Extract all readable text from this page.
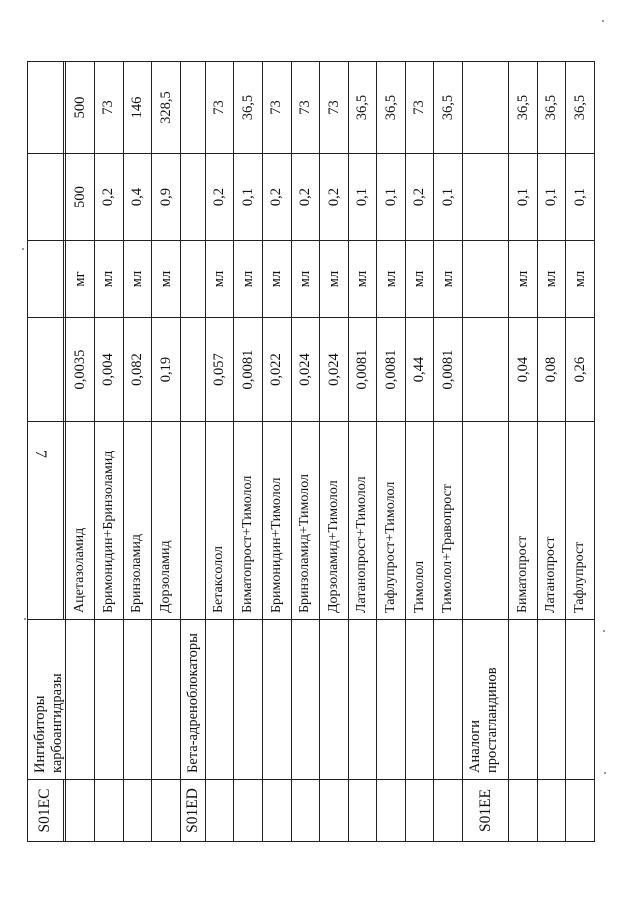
7
S01EC	Ингибиторы карбоангидразы					

		Ацетазоламид	0,0035	мг	500	500
		Бримонидин+Бринзоламид	0,004	мл	0,2	73
		Бринзоламид	0,082	мл	0,4	146
		Дорзоламид	0,19	мл	0,9	328,5
S01ED	Бета-адреноблокаторы					
		Бетаксолол	0,057	мл	0,2	73
		Биматопрост+Тимолол	0,0081	мл	0,1	36,5
		Бримонидин+Тимолол	0,022	мл	0,2	73
		Бринзоламид+Тимолол	0,024	мл	0,2	73
		Дорзоламид+Тимолол	0,024	мл	0,2	73
		Латанопрост+Тимолол	0,0081	мл	0,1	36,5
		Тафлупрост+Тимолол	0,0081	мл	0,1	36,5
		Тимолол	0,44	мл	0,2	73
		Тимолол+Травопрост	0,0081	мл	0,1	36,5
S01EE	Аналоги простагландинов					
		Биматопрост	0,04	мл	0,1	36,5
		Латанопрост	0,08	мл	0,1	36,5
		Тафлупрост	0,26	мл	0,1	36,5
